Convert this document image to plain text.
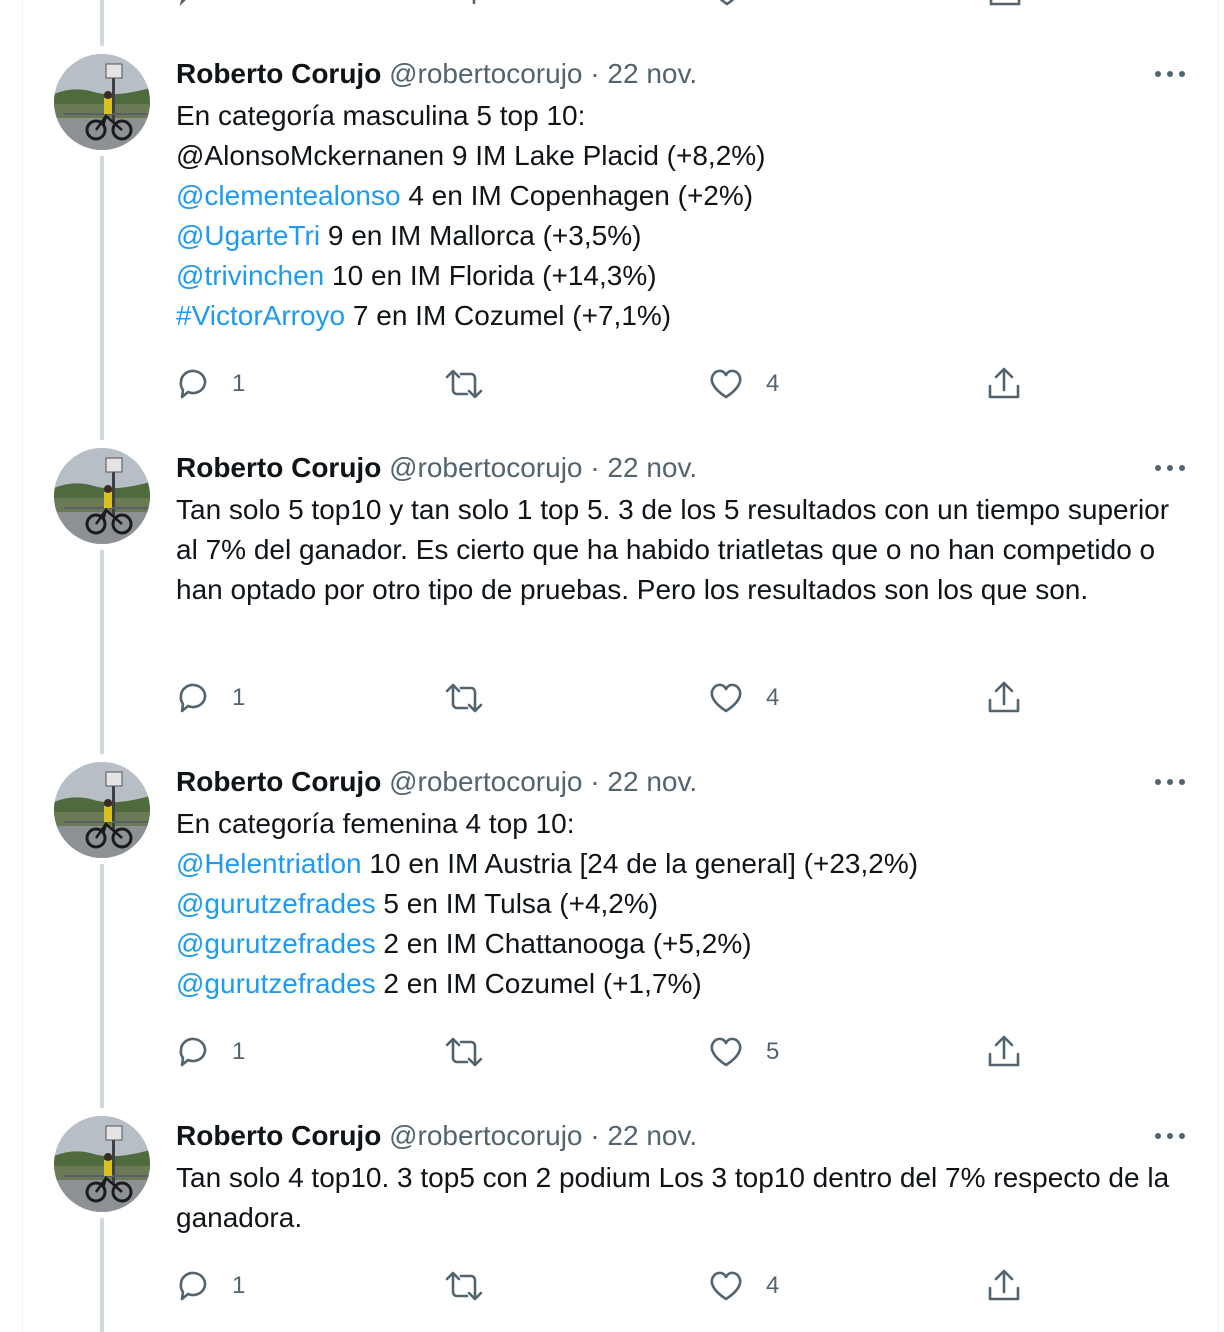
Roberto Corujo @robertocorujo · 22 nov.
En categoría masculina 5 top 10:
@AlonsoMckernanen 9 IM Lake Placid (+8,2%)
@clementealonso 4 en IM Copenhagen (+2%)
@UgarteTri 9 en IM Mallorca (+3,5%)
@trivinchen 10 en IM Florida (+14,3%)
#VictorArroyo 7 en IM Cozumel (+7,1%)
1	4
Roberto Corujo @robertocorujo · 22 nov.
Tan solo 5 top10 y tan solo 1 top 5. 3 de los 5 resultados con un tiempo superior al 7% del ganador. Es cierto que ha habido triatletas que o no han competido o han optado por otro tipo de pruebas. Pero los resultados son los que son.
1	4
Roberto Corujo @robertocorujo · 22 nov.
En categoría femenina 4 top 10:
@Helentriatlon 10 en IM Austria [24 de la general] (+23,2%)
@gurutzefrades 5 en IM Tulsa (+4,2%)
@gurutzefrades 2 en IM Chattanooga (+5,2%)
@gurutzefrades 2 en IM Cozumel (+1,7%)
1	5
Roberto Corujo @robertocorujo · 22 nov.
Tan solo 4 top10. 3 top5 con 2 podium Los 3 top10 dentro del 7% respecto de la ganadora.
1	4
